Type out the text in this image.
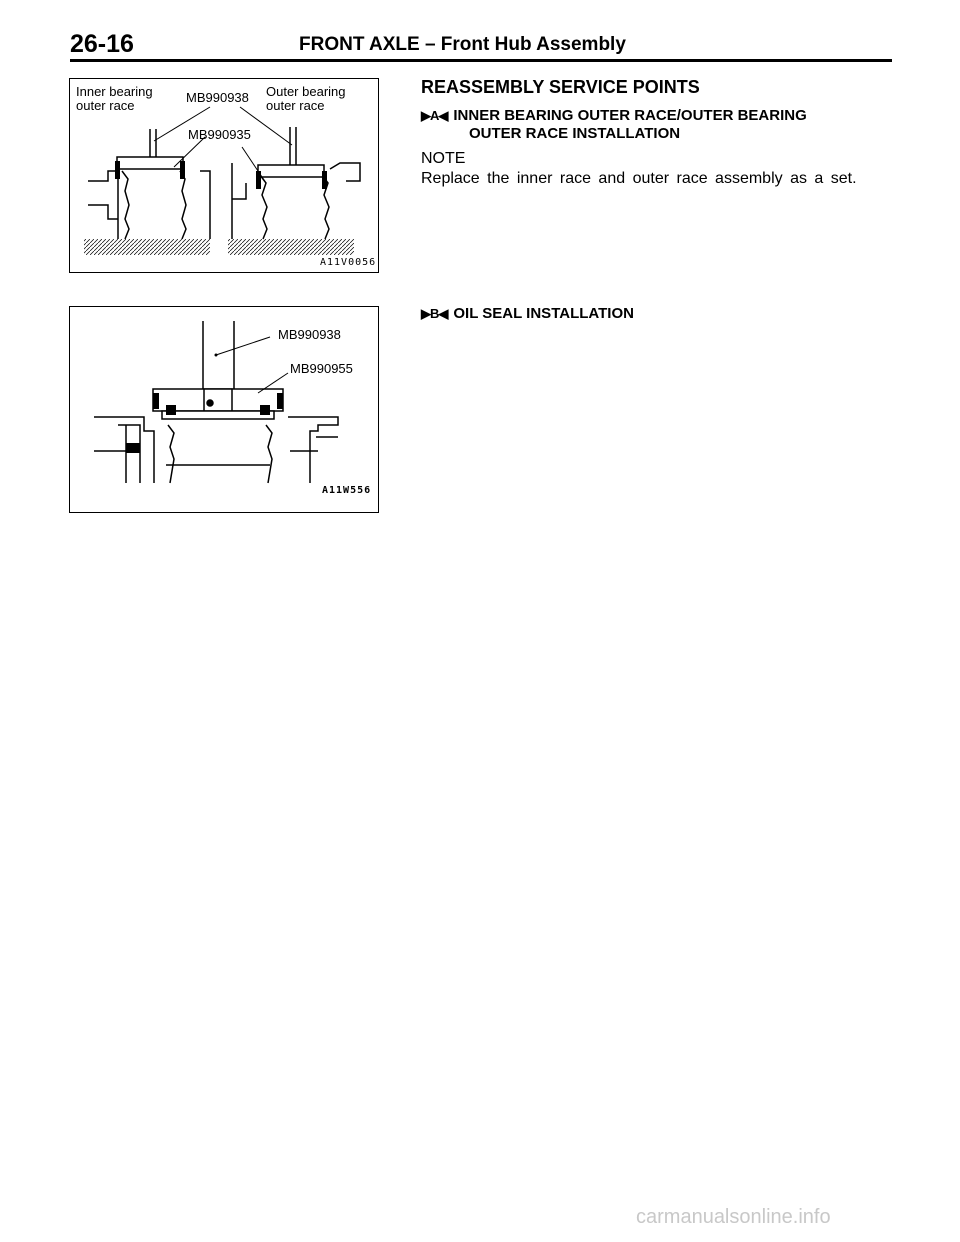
26-16	FRONT AXLE – Front Hub Assembly
Inner bearing
outer race
MB990938 Outer bearing
outer race
MB990935
A11V0056
MB990938
MB990955
A11W556
REASSEMBLY SERVICE POINTS
▶A◀ INNER BEARING OUTER RACE/OUTER BEARING
OUTER RACE INSTALLATION
NOTE
Replace the inner race and outer race assembly as a set.
▶B◀ OIL SEAL INSTALLATION
carmanualsonline.info
